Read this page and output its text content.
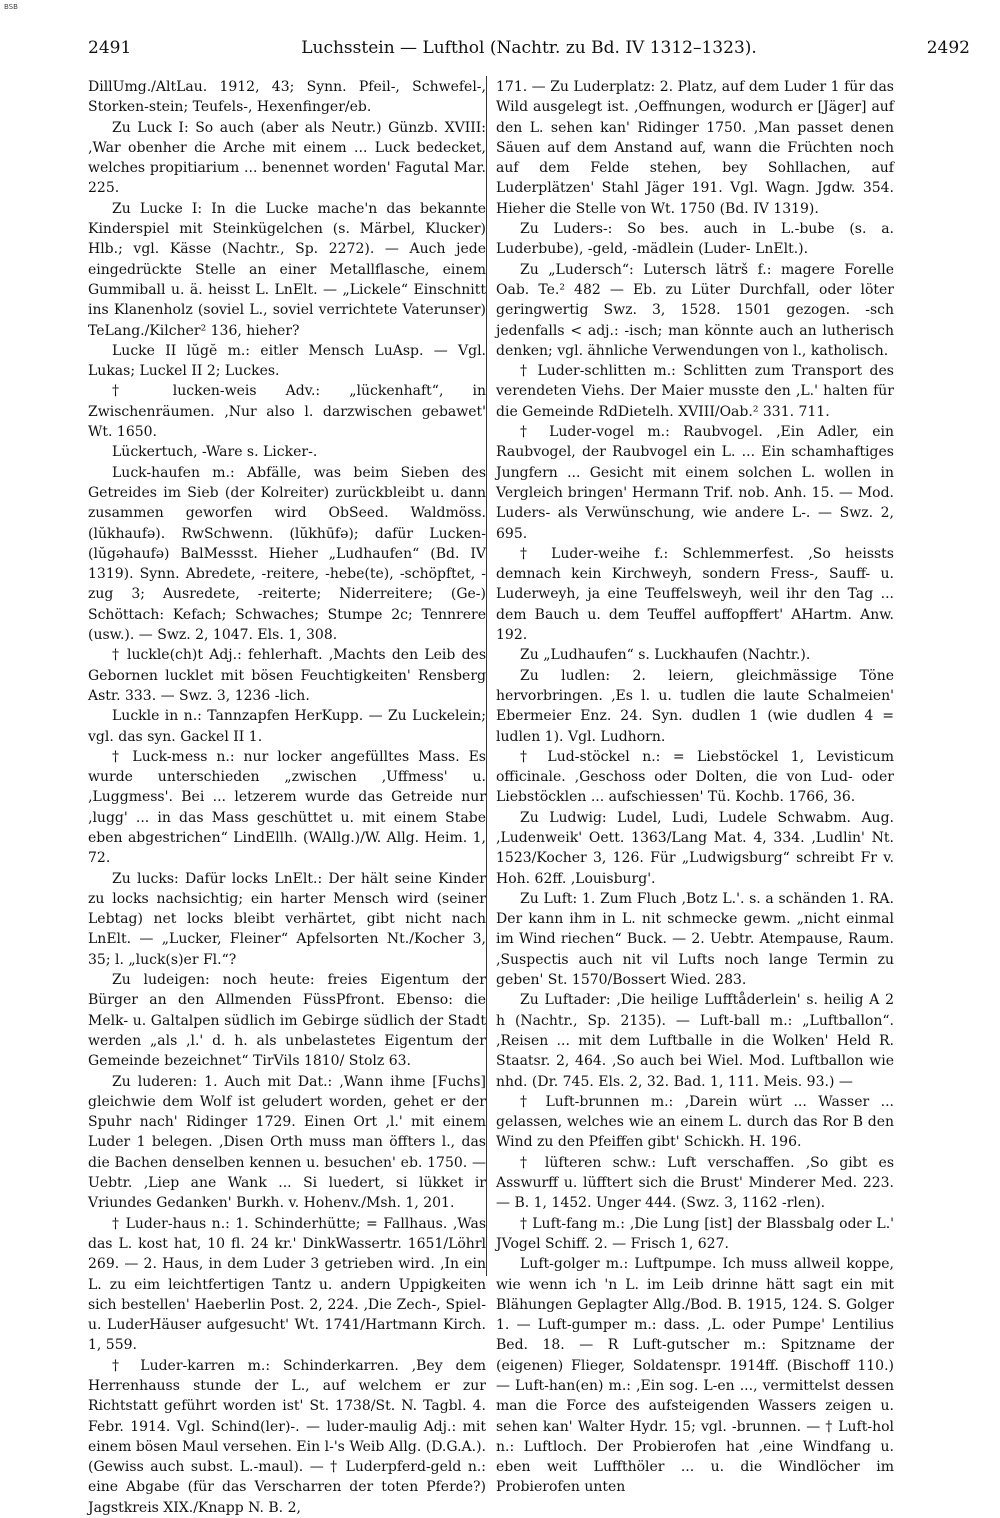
BSB
2491	Luchsstein — Lufthol (Nachtr. zu Bd. IV 1312–1323).	2492

DillUmg./AltLau. 1912, 43; Synn. Pfeil-, Schwefel-, Storken-stein; Teufels-, Hexenfinger/eb.

Zu Luck I: So auch (aber als Neutr.) Günzb. XVIII: ‚War obenher die Arche mit einem ... Luck bedecket, welches propitiarium ... benennet worden' Fagutal Mar. 225.

Zu Lucke I: In die Lucke mache'n das bekannte Kinderspiel mit Steinkügelchen (s. Märbel, Klucker) Hlb.; vgl. Kässe (Nachtr., Sp. 2272). — Auch jede eingedrückte Stelle an einer Metallflasche, einem Gummiball u. ä. heisst L. LnElt. — „Lickele“ Einschnitt ins Klanenholz (soviel L., soviel verrichtete Vaterunser) TeLang./Kilcher² 136, hieher?

Lucke II lŭgĕ m.: eitler Mensch LuAsp. — Vgl. Lukas; Luckel II 2; Luckes.

† lucken-weis Adv.: „lückenhaft“, in Zwischenräumen. ‚Nur also l. darzwischen gebawet' Wt. 1650.

Lückertuch, -Ware s. Licker-.

Luck-haufen m.: Abfälle, was beim Sieben des Getreides im Sieb (der Kolreiter) zurückbleibt u. dann zusammen geworfen wird ObSeed. Waldmöss. (lŭkhaufə). RwSchwenn. (lŭkhūfə); dafür Lucken-(lŭgəhaufə) BalMessst. Hieher „Ludhaufen“ (Bd. IV 1319). Synn. Abredete, -reitere, -hebe(te), -schöpftet, -zug 3; Ausredete, -reiterte; Niderreitere; (Ge-) Schöttach: Kefach; Schwaches; Stumpe 2c; Tennrere (usw.). — Swz. 2, 1047. Els. 1, 308.

† luckle(ch)t Adj.: fehlerhaft. ‚Machts den Leib des Gebornen lucklet mit bösen Feuchtigkeiten' Rensberg Astr. 333. — Swz. 3, 1236 -lich.

Luckle in n.: Tannzapfen HerKupp. — Zu Luckelein; vgl. das syn. Gackel II 1.

† Luck-mess n.: nur locker angefülltes Mass. Es wurde unterschieden „zwischen ‚Uffmess' u. ‚Luggmess'. Bei ... letzerem wurde das Getreide nur ‚lugg' ... in das Mass geschüttet u. mit einem Stabe eben abgestrichen“ LindEllh. (WAllg.)/W. Allg. Heim. 1, 72.

Zu lucks: Dafür locks LnElt.: Der hält seine Kinder zu locks nachsichtig; ein harter Mensch wird (seiner Lebtag) net locks bleibt verhärtet, gibt nicht nach LnElt. — „Lucker, Fleiner“ Apfelsorten Nt./Kocher 3, 35; l. „luck(s)er Fl.“?

Zu ludeigen: noch heute: freies Eigentum der Bürger an den Allmenden FüssPfront. Ebenso: die Melk- u. Galtalpen südlich im Gebirge südlich der Stadt werden „als ‚l.' d. h. als unbelastetes Eigentum der Gemeinde bezeichnet“ TirVils 1810/ Stolz 63.

Zu luderen: 1. Auch mit Dat.: ‚Wann ihme [Fuchs] gleichwie dem Wolf ist geludert worden, gehet er der Spuhr nach' Ridinger 1729. Einen Ort ‚l.' mit einem Luder 1 belegen. ‚Disen Orth muss man öffters l., das die Bachen denselben kennen u. besuchen' eb. 1750. — Uebtr. ‚Liep ane Wank ... Si luedert, si lükket ir Vriundes Gedanken' Burkh. v. Hohenv./Msh. 1, 201.

† Luder-haus n.: 1. Schinderhütte; = Fallhaus. ‚Was das L. kost hat, 10 fl. 24 kr.' DinkWassertr. 1651/Löhrl 269. — 2. Haus, in dem Luder 3 getrieben wird. ‚In ein L. zu eim leichtfertigen Tantz u. andern Uppigkeiten sich bestellen' Haeberlin Post. 2, 224. ‚Die Zech-, Spiel- u. LuderHäuser aufgesucht' Wt. 1741/Hartmann Kirch. 1, 559.

† Luder-karren m.: Schinderkarren. ‚Bey dem Herrenhauss stunde der L., auf welchem er zur Richtstatt geführt worden ist' St. 1738/St. N. Tagbl. 4. Febr. 1914. Vgl. Schind(ler)-. — luder-maulig Adj.: mit einem bösen Maul versehen. Ein l-'s Weib Allg. (D.G.A.). (Gewiss auch subst. L.-maul). — † Luderpferd-geld n.: eine Abgabe (für das Verscharren der toten Pferde?) Jagstkreis XIX./Knapp N. B. 2,

171. — Zu Luderplatz: 2. Platz, auf dem Luder 1 für das Wild ausgelegt ist. ‚Oeffnungen, wodurch er [Jäger] auf den L. sehen kan' Ridinger 1750. ‚Man passet denen Säuen auf dem Anstand auf, wann die Früchten noch auf dem Felde stehen, bey Sohllachen, auf Luderplätzen' Stahl Jäger 191. Vgl. Wagn. Jgdw. 354. Hieher die Stelle von Wt. 1750 (Bd. IV 1319).

Zu Luders-: So bes. auch in L.-bube (s. a. Luderbube), -geld, -mädlein (Luder- LnElt.).

Zu „Ludersch“: Lutersch lätrš f.: magere Forelle Oab. Te.² 482 — Eb. zu Lüter Durchfall, oder löter geringwertig Swz. 3, 1528. 1501 gezogen. -sch jedenfalls < adj.: -isch; man könnte auch an lutherisch denken; vgl. ähnliche Verwendungen von l., katholisch.

† Luder-schlitten m.: Schlitten zum Transport des verendeten Viehs. Der Maier musste den ‚L.' halten für die Gemeinde RdDietelh. XVIII/Oab.² 331. 711.

† Luder-vogel m.: Raubvogel. ‚Ein Adler, ein Raubvogel, der Raubvogel ein L. ... Ein schamhaftiges Jungfern ... Gesicht mit einem solchen L. wollen in Vergleich bringen' Hermann Trif. nob. Anh. 15. — Mod. Luders- als Verwünschung, wie andere L-. — Swz. 2, 695.

† Luder-weihe f.: Schlemmerfest. ‚So heissts demnach kein Kirchweyh, sondern Fress-, Sauff- u. Luderweyh, ja eine Teuffelsweyh, weil ihr den Tag ... dem Bauch u. dem Teuffel auffopffert' AHartm. Anw. 192.

Zu „Ludhaufen“ s. Luckhaufen (Nachtr.).

Zu ludlen: 2. leiern, gleichmässige Töne hervorbringen. ‚Es l. u. tudlen die laute Schalmeien' Ebermeier Enz. 24. Syn. dudlen 1 (wie dudlen 4 = ludlen 1). Vgl. Ludhorn.

† Lud-stöckel n.: = Liebstöckel 1, Levisticum officinale. ‚Geschoss oder Dolten, die von Lud- oder Liebstöcklen ... aufschiessen' Tü. Kochb. 1766, 36.

Zu Ludwig: Ludel, Ludi, Ludele Schwabm. Aug. ‚Ludenweik' Oett. 1363/Lang Mat. 4, 334. ‚Ludlin' Nt. 1523/Kocher 3, 126. Für „Ludwigsburg“ schreibt Fr v. Hoh. 62ff. ‚Louisburg'.

Zu Luft: 1. Zum Fluch ‚Botz L.'. s. a schänden 1. RA. Der kann ihm in L. nit schmecke gewm. „nicht einmal im Wind riechen“ Buck. — 2. Uebtr. Atempause, Raum. ‚Suspectis auch nit vil Lufts noch lange Termin zu geben' St. 1570/Bossert Wied. 283.

Zu Luftader: ‚Die heilige Lufftåderlein' s. heilig A 2 h (Nachtr., Sp. 2135). — Luft-ball m.: „Luftballon“. ‚Reisen ... mit dem Luftballe in die Wolken' Held R. Staatsr. 2, 464. ‚So auch bei Wiel. Mod. Luftballon wie nhd. (Dr. 745. Els. 2, 32. Bad. 1, 111. Meis. 93.) —

† Luft-brunnen m.: ‚Darein würt ... Wasser ... gelassen, welches wie an einem L. durch das Ror B den Wind zu den Pfeiffen gibt' Schickh. H. 196.

† lüfteren schw.: Luft verschaffen. ‚So gibt es Asswurff u. lüfftert sich die Brust' Minderer Med. 223. — B. 1, 1452. Unger 444. (Swz. 3, 1162 -rlen).

† Luft-fang m.: ‚Die Lung [ist] der Blassbalg oder L.' JVogel Schiff. 2. — Frisch 1, 627.

Luft-golger m.: Luftpumpe. Ich muss allweil koppe, wie wenn ich 'n L. im Leib drinne hätt sagt ein mit Blähungen Geplagter Allg./Bod. B. 1915, 124. S. Golger 1. — Luft-gumper m.: dass. ‚L. oder Pumpe' Lentilius Bed. 18. — R Luft-gutscher m.: Spitzname der (eigenen) Flieger, Soldatenspr. 1914ff. (Bischoff 110.) — Luft-han(en) m.: ‚Ein sog. L-en ..., vermittelst dessen man die Force des aufsteigenden Wassers zeigen u. sehen kan' Walter Hydr. 15; vgl. -brunnen. — † Luft-hol n.: Luftloch. Der Probierofen hat ‚eine Windfang u. eben weit Luffthöler ... u. die Windlöcher im Probierofen unten
